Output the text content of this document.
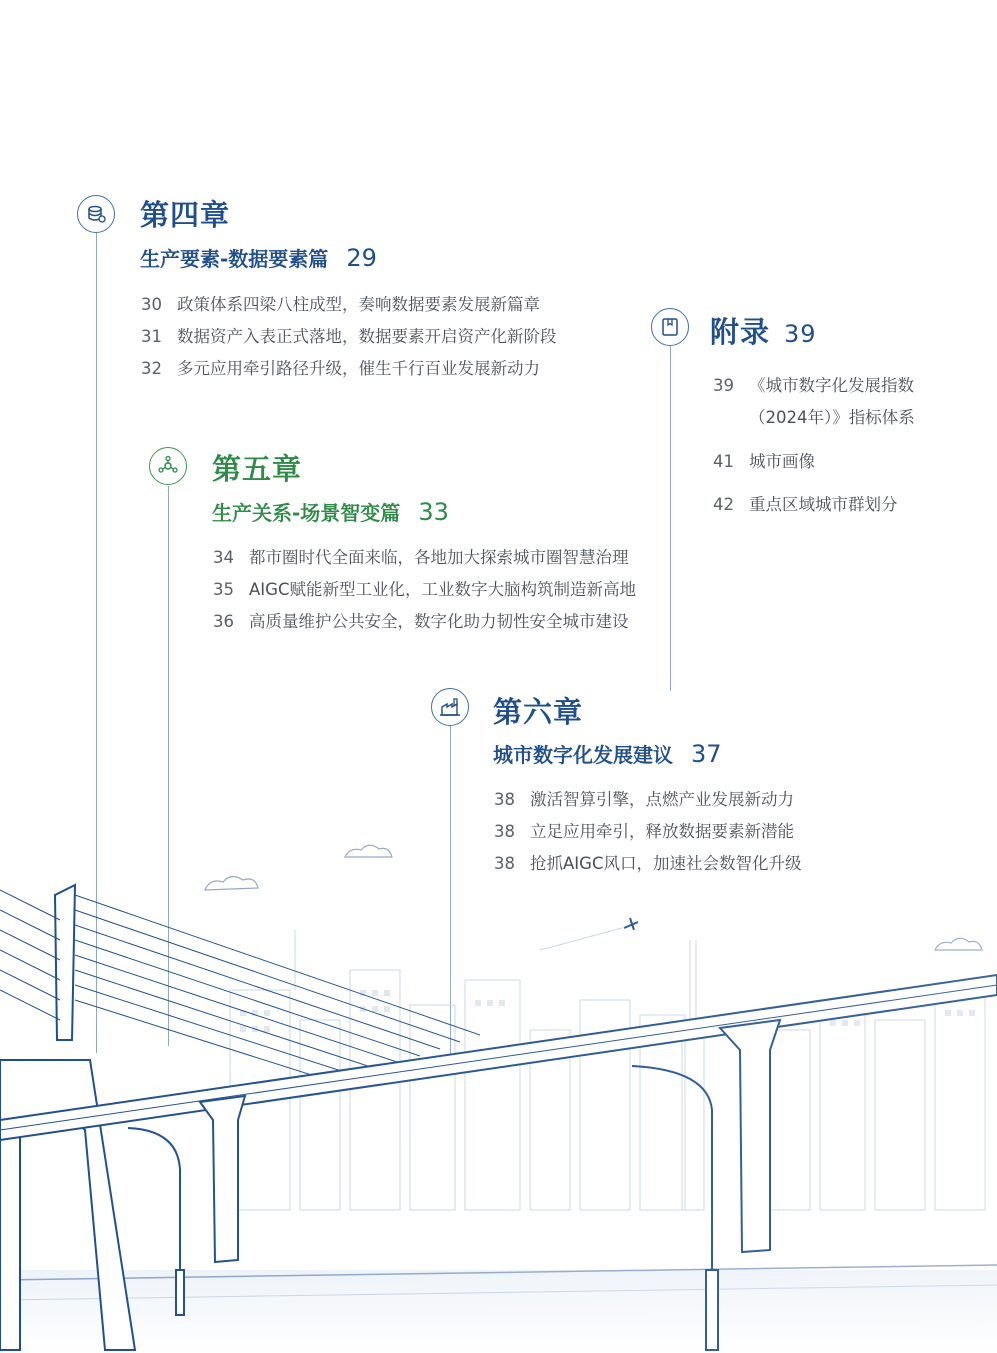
第四章
生产要素-数据要素篇 29
30 政策体系四梁八柱成型，奏响数据要素发展新篇章
31 数据资产入表正式落地，数据要素开启资产化新阶段
32 多元应用牵引路径升级，催生千行百业发展新动力
附录 39
39 《城市数字化发展指数
（2024年）》指标体系
41 城市画像
42 重点区域城市群划分
第五章
生产关系-场景智变篇 33
34 都市圈时代全面来临，各地加大探索城市圈智慧治理
35 AIGC赋能新型工业化，工业数字大脑构筑制造新高地
36 高质量维护公共安全，数字化助力韧性安全城市建设
第六章
城市数字化发展建议 37
38 激活智算引擎，点燃产业发展新动力
38 立足应用牵引，释放数据要素新潜能
38 抢抓AIGC风口，加速社会数智化升级
